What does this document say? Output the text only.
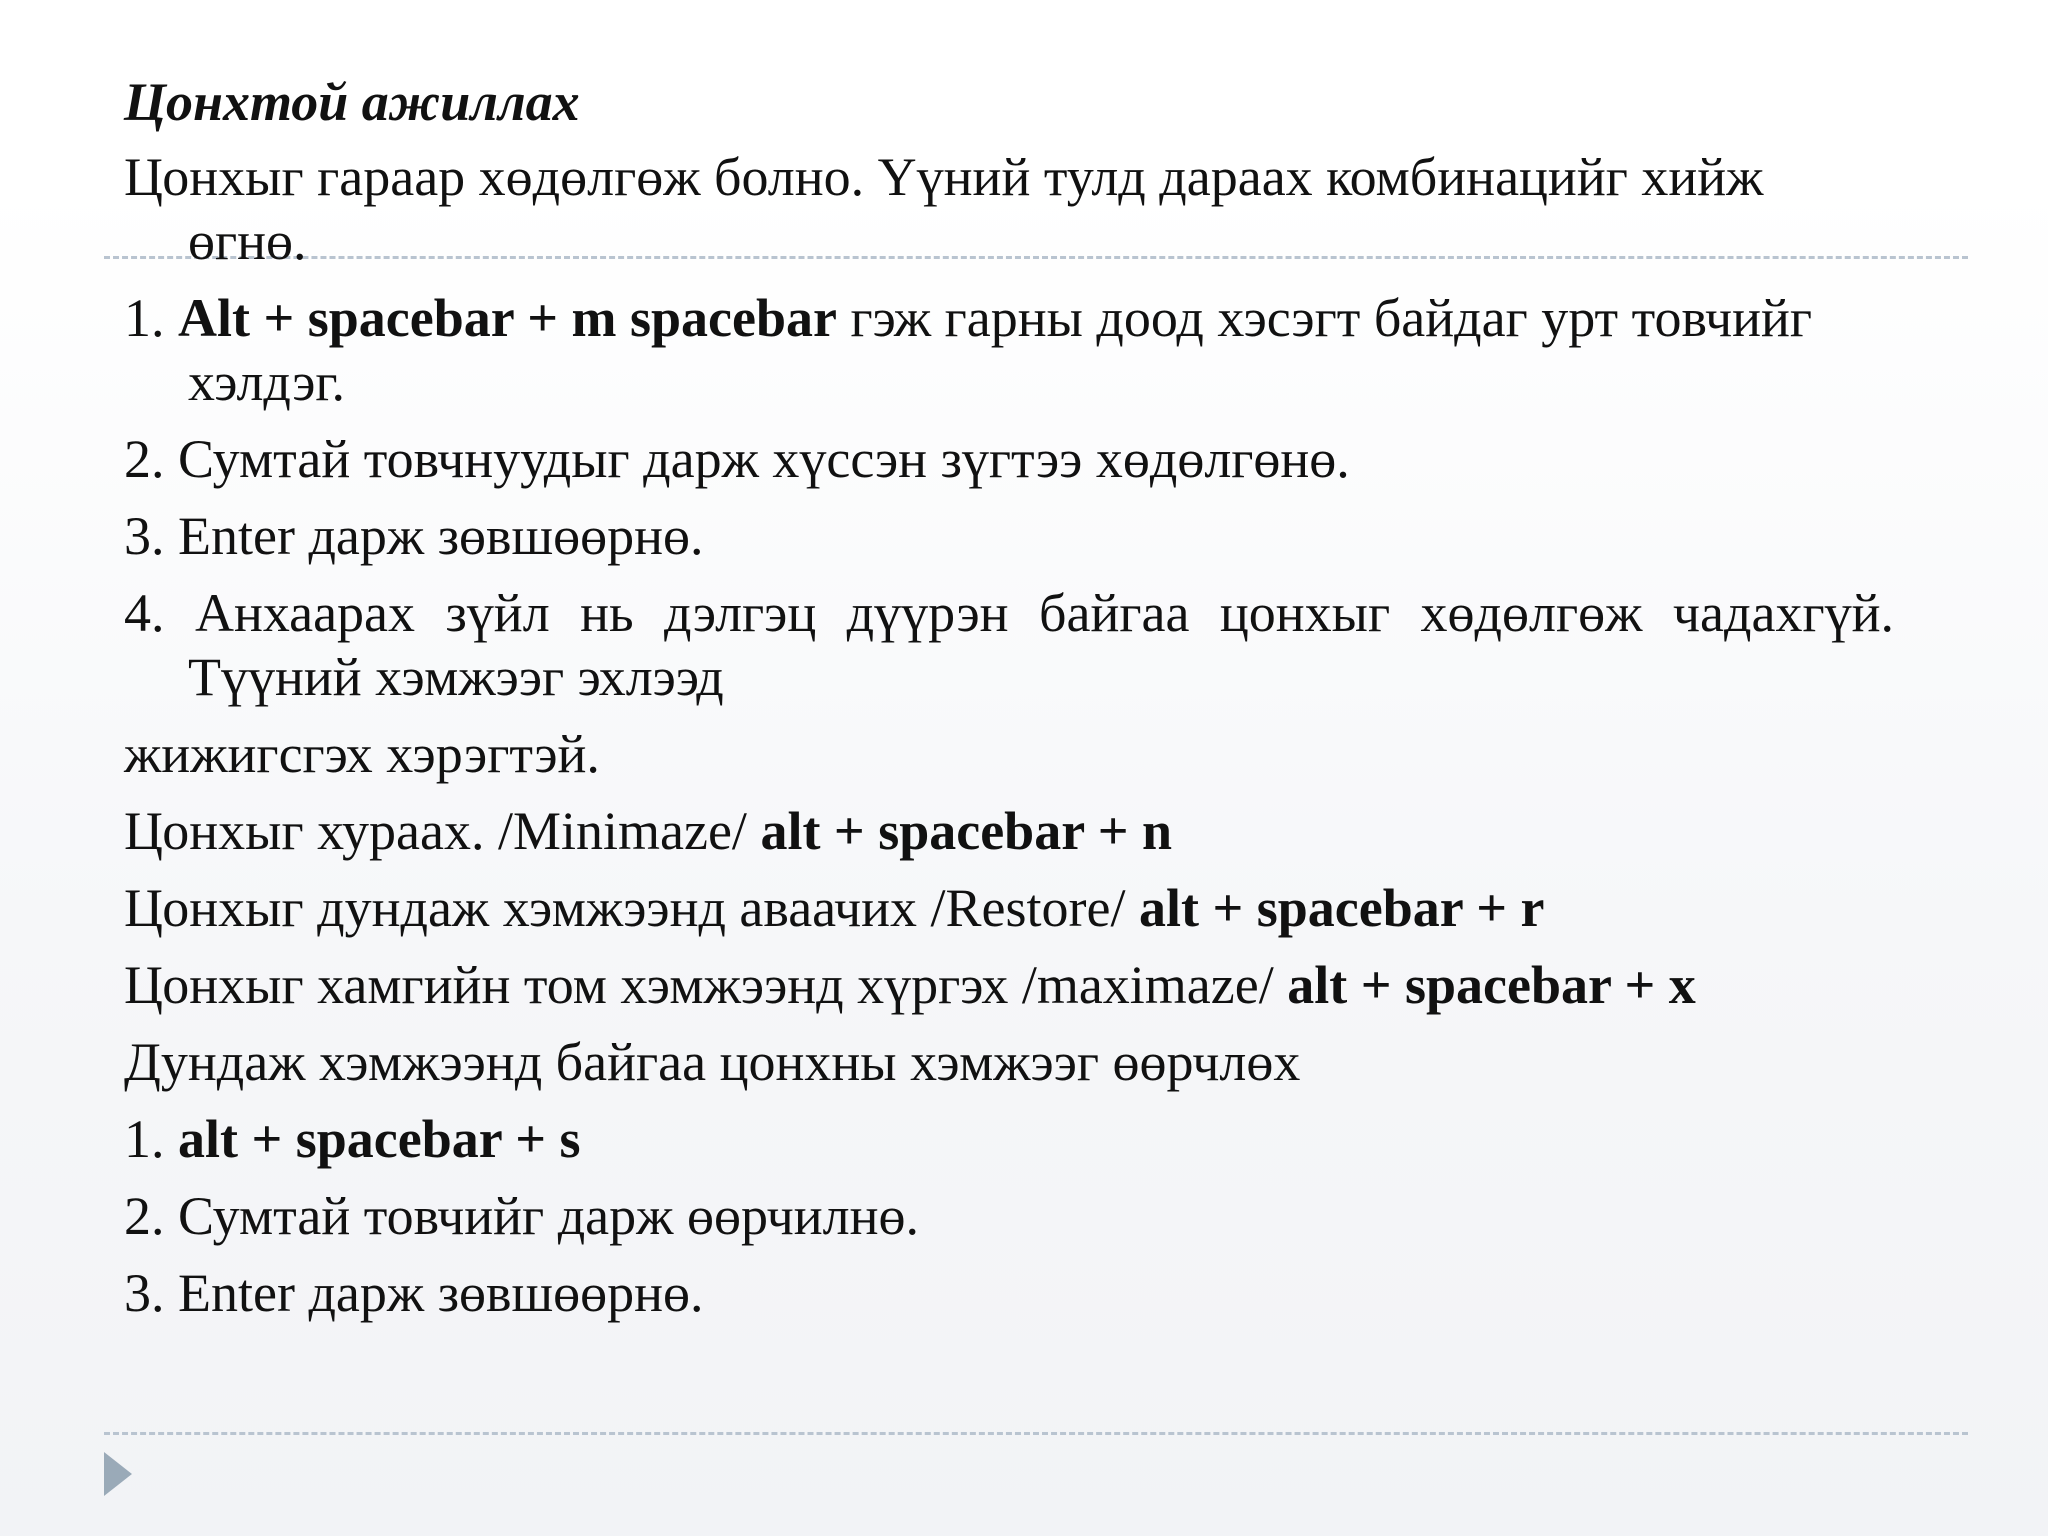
Цонхтой ажиллах
Цонхыг гараар хөдөлгөж болно. Үүний тулд дараах комбинацийг хийж өгнө.
1. Alt + spacebar + m spacebar гэж гарны доод хэсэгт байдаг урт товчийг хэлдэг.
2. Сумтай товчнуудыг дарж хүссэн зүгтээ хөдөлгөнө.
3. Enter дарж зөвшөөрнө.
4. Анхаарах зүйл нь дэлгэц дүүрэн байгаа цонхыг хөдөлгөж чадахгүй. Түүний хэмжээг эхлээд
жижигсгэх хэрэгтэй.
Цонхыг хураах. /Minimaze/ alt + spacebar + n
Цонхыг дундаж хэмжээнд аваачих /Restore/ alt + spacebar + r
Цонхыг хамгийн том хэмжээнд хүргэх /maximaze/ alt + spacebar + x
Дундаж хэмжээнд байгаа цонхны хэмжээг өөрчлөх
1. alt + spacebar + s
2. Сумтай товчийг дарж өөрчилнө.
3. Enter дарж зөвшөөрнө.
